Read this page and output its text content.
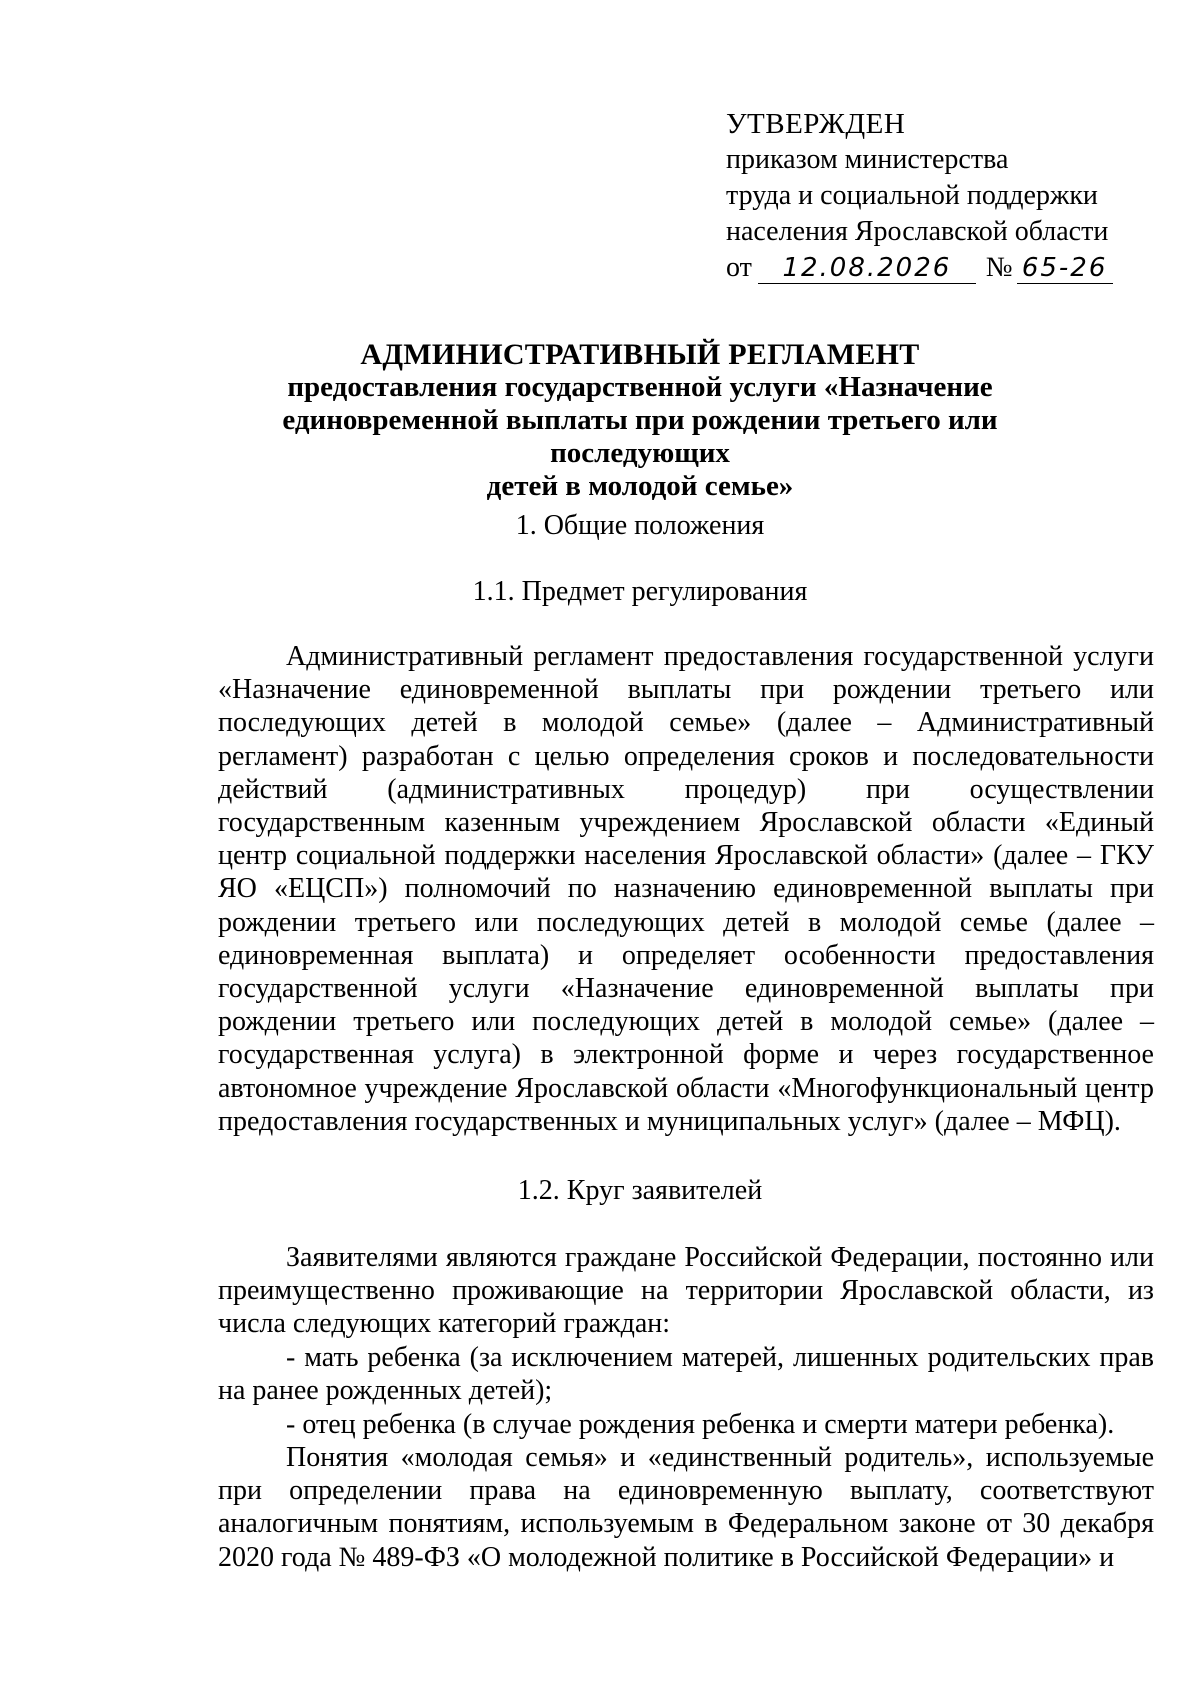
УТВЕРЖДЕН
приказом министерства
труда и социальной поддержки
населения Ярославской области
от 12.08.2026 № 65-26
АДМИНИСТРАТИВНЫЙ РЕГЛАМЕНТ
предоставления государственной услуги «Назначение
единовременной выплаты при рождении третьего или последующих
детей в молодой семье»
1. Общие положения
1.1. Предмет регулирования
Административный регламент предоставления государственной услуги «Назначение единовременной выплаты при рождении третьего или последующих детей в молодой семье» (далее – Административный регламент) разработан с целью определения сроков и последовательности действий (административных процедур) при осуществлении государственным казенным учреждением Ярославской области «Единый центр социальной поддержки населения Ярославской области» (далее – ГКУ ЯО «ЕЦСП») полномочий по назначению единовременной выплаты при рождении третьего или последующих детей в молодой семье (далее – единовременная выплата) и определяет особенности предоставления государственной услуги «Назначение единовременной выплаты при рождении третьего или последующих детей в молодой семье» (далее – государственная услуга) в электронной форме и через государственное автономное учреждение Ярославской области «Многофункциональный центр предоставления государственных и муниципальных услуг» (далее – МФЦ).
1.2. Круг заявителей
Заявителями являются граждане Российской Федерации, постоянно или преимущественно проживающие на территории Ярославской области, из числа следующих категорий граждан:
- мать ребенка (за исключением матерей, лишенных родительских прав на ранее рожденных детей);
- отец ребенка (в случае рождения ребенка и смерти матери ребенка).
Понятия «молодая семья» и «единственный родитель», используемые при определении права на единовременную выплату, соответствуют аналогичным понятиям, используемым в Федеральном законе от 30 декабря 2020 года № 489-ФЗ «О молодежной политике в Российской Федерации» и
